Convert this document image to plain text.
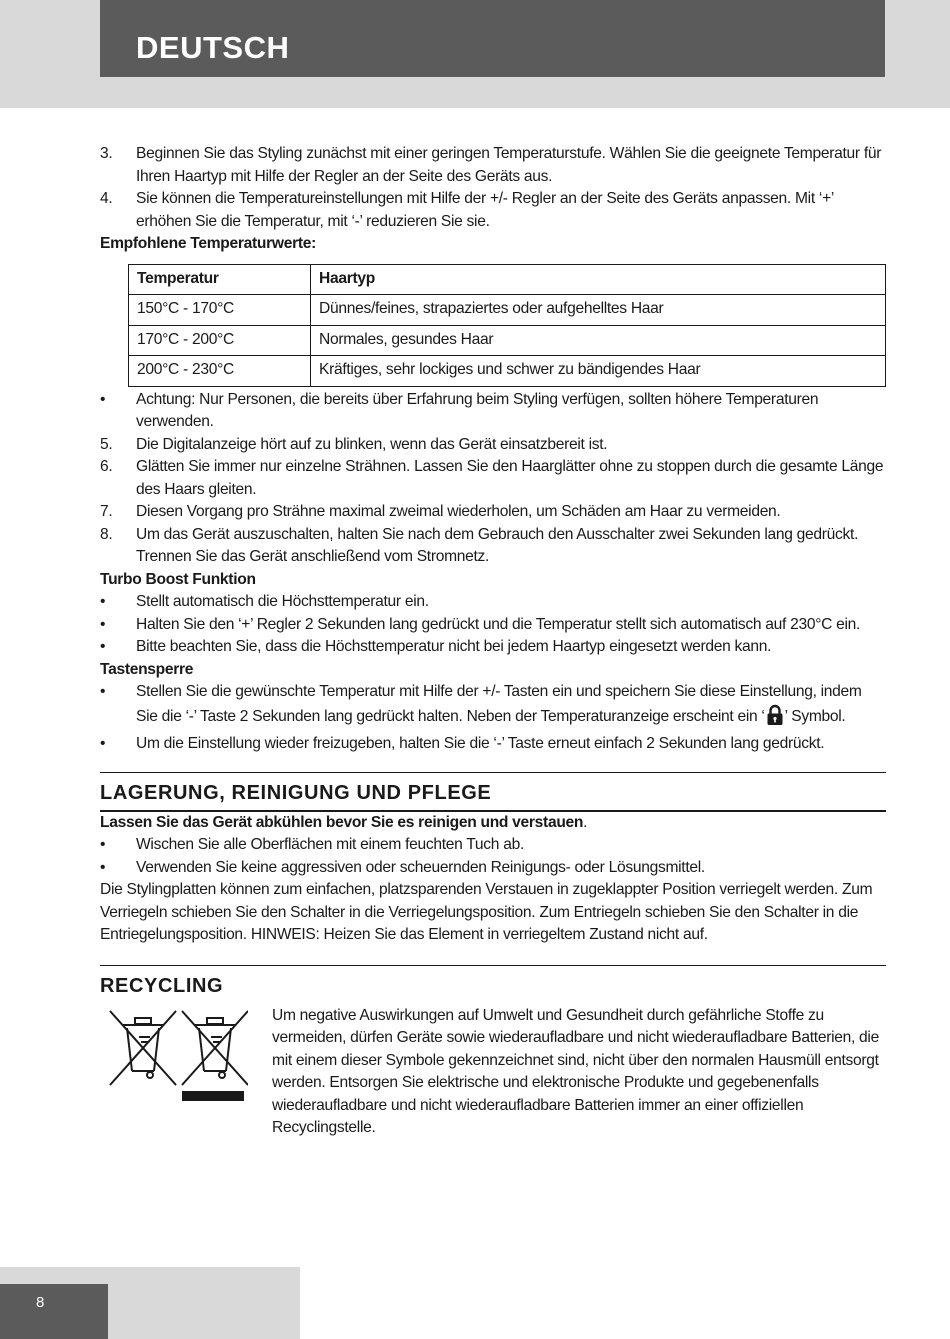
DEUTSCH
3. Beginnen Sie das Styling zunächst mit einer geringen Temperaturstufe. Wählen Sie die geeignete Temperatur für Ihren Haartyp mit Hilfe der Regler an der Seite des Geräts aus.
4. Sie können die Temperatureinstellungen mit Hilfe der +/- Regler an der Seite des Geräts anpassen. Mit ‘+’ erhöhen Sie die Temperatur, mit ‘-’ reduzieren Sie sie.
Empfohlene Temperaturwerte:
Temperatur	Haartyp
150°C - 170°C	Dünnes/feines, strapaziertes oder aufgehelltes Haar
170°C - 200°C	Normales, gesundes Haar
200°C - 230°C	Kräftiges, sehr lockiges und schwer zu bändigendes Haar
• Achtung: Nur Personen, die bereits über Erfahrung beim Styling verfügen, sollten höhere Temperaturen verwenden.
5. Die Digitalanzeige hört auf zu blinken, wenn das Gerät einsatzbereit ist.
6. Glätten Sie immer nur einzelne Strähnen. Lassen Sie den Haarglätter ohne zu stoppen durch die gesamte Länge des Haars gleiten.
7. Diesen Vorgang pro Strähne maximal zweimal wiederholen, um Schäden am Haar zu vermeiden.
8. Um das Gerät auszuschalten, halten Sie nach dem Gebrauch den Ausschalter zwei Sekunden lang gedrückt. Trennen Sie das Gerät anschließend vom Stromnetz.
Turbo Boost Funktion
• Stellt automatisch die Höchsttemperatur ein.
• Halten Sie den ‘+’ Regler 2 Sekunden lang gedrückt und die Temperatur stellt sich automatisch auf 230°C ein.
• Bitte beachten Sie, dass die Höchsttemperatur nicht bei jedem Haartyp eingesetzt werden kann.
Tastensperre
• Stellen Sie die gewünschte Temperatur mit Hilfe der +/- Tasten ein und speichern Sie diese Einstellung, indem Sie die ‘-’ Taste 2 Sekunden lang gedrückt halten. Neben der Temperaturanzeige erscheint ein ‘ ’ Symbol.
• Um die Einstellung wieder freizugeben, halten Sie die ‘-’ Taste erneut einfach 2 Sekunden lang gedrückt.
LAGERUNG, REINIGUNG UND PFLEGE
Lassen Sie das Gerät abkühlen bevor Sie es reinigen und verstauen.
• Wischen Sie alle Oberflächen mit einem feuchten Tuch ab.
• Verwenden Sie keine aggressiven oder scheuernden Reinigungs- oder Lösungsmittel.
Die Stylingplatten können zum einfachen, platzsparenden Verstauen in zugeklappter Position verriegelt werden. Zum Verriegeln schieben Sie den Schalter in die Verriegelungsposition. Zum Entriegeln schieben Sie den Schalter in die Entriegelungsposition. HINWEIS: Heizen Sie das Element in verriegeltem Zustand nicht auf.
RECYCLING
Um negative Auswirkungen auf Umwelt und Gesundheit durch gefährliche Stoffe zu vermeiden, dürfen Geräte sowie wiederaufladbare und nicht wiederaufladbare Batterien, die mit einem dieser Symbole gekennzeichnet sind, nicht über den normalen Hausmüll entsorgt werden. Entsorgen Sie elektrische und elektronische Produkte und gegebenenfalls wiederaufladbare und nicht wiederaufladbare Batterien immer an einer offiziellen Recyclingstelle.
8
